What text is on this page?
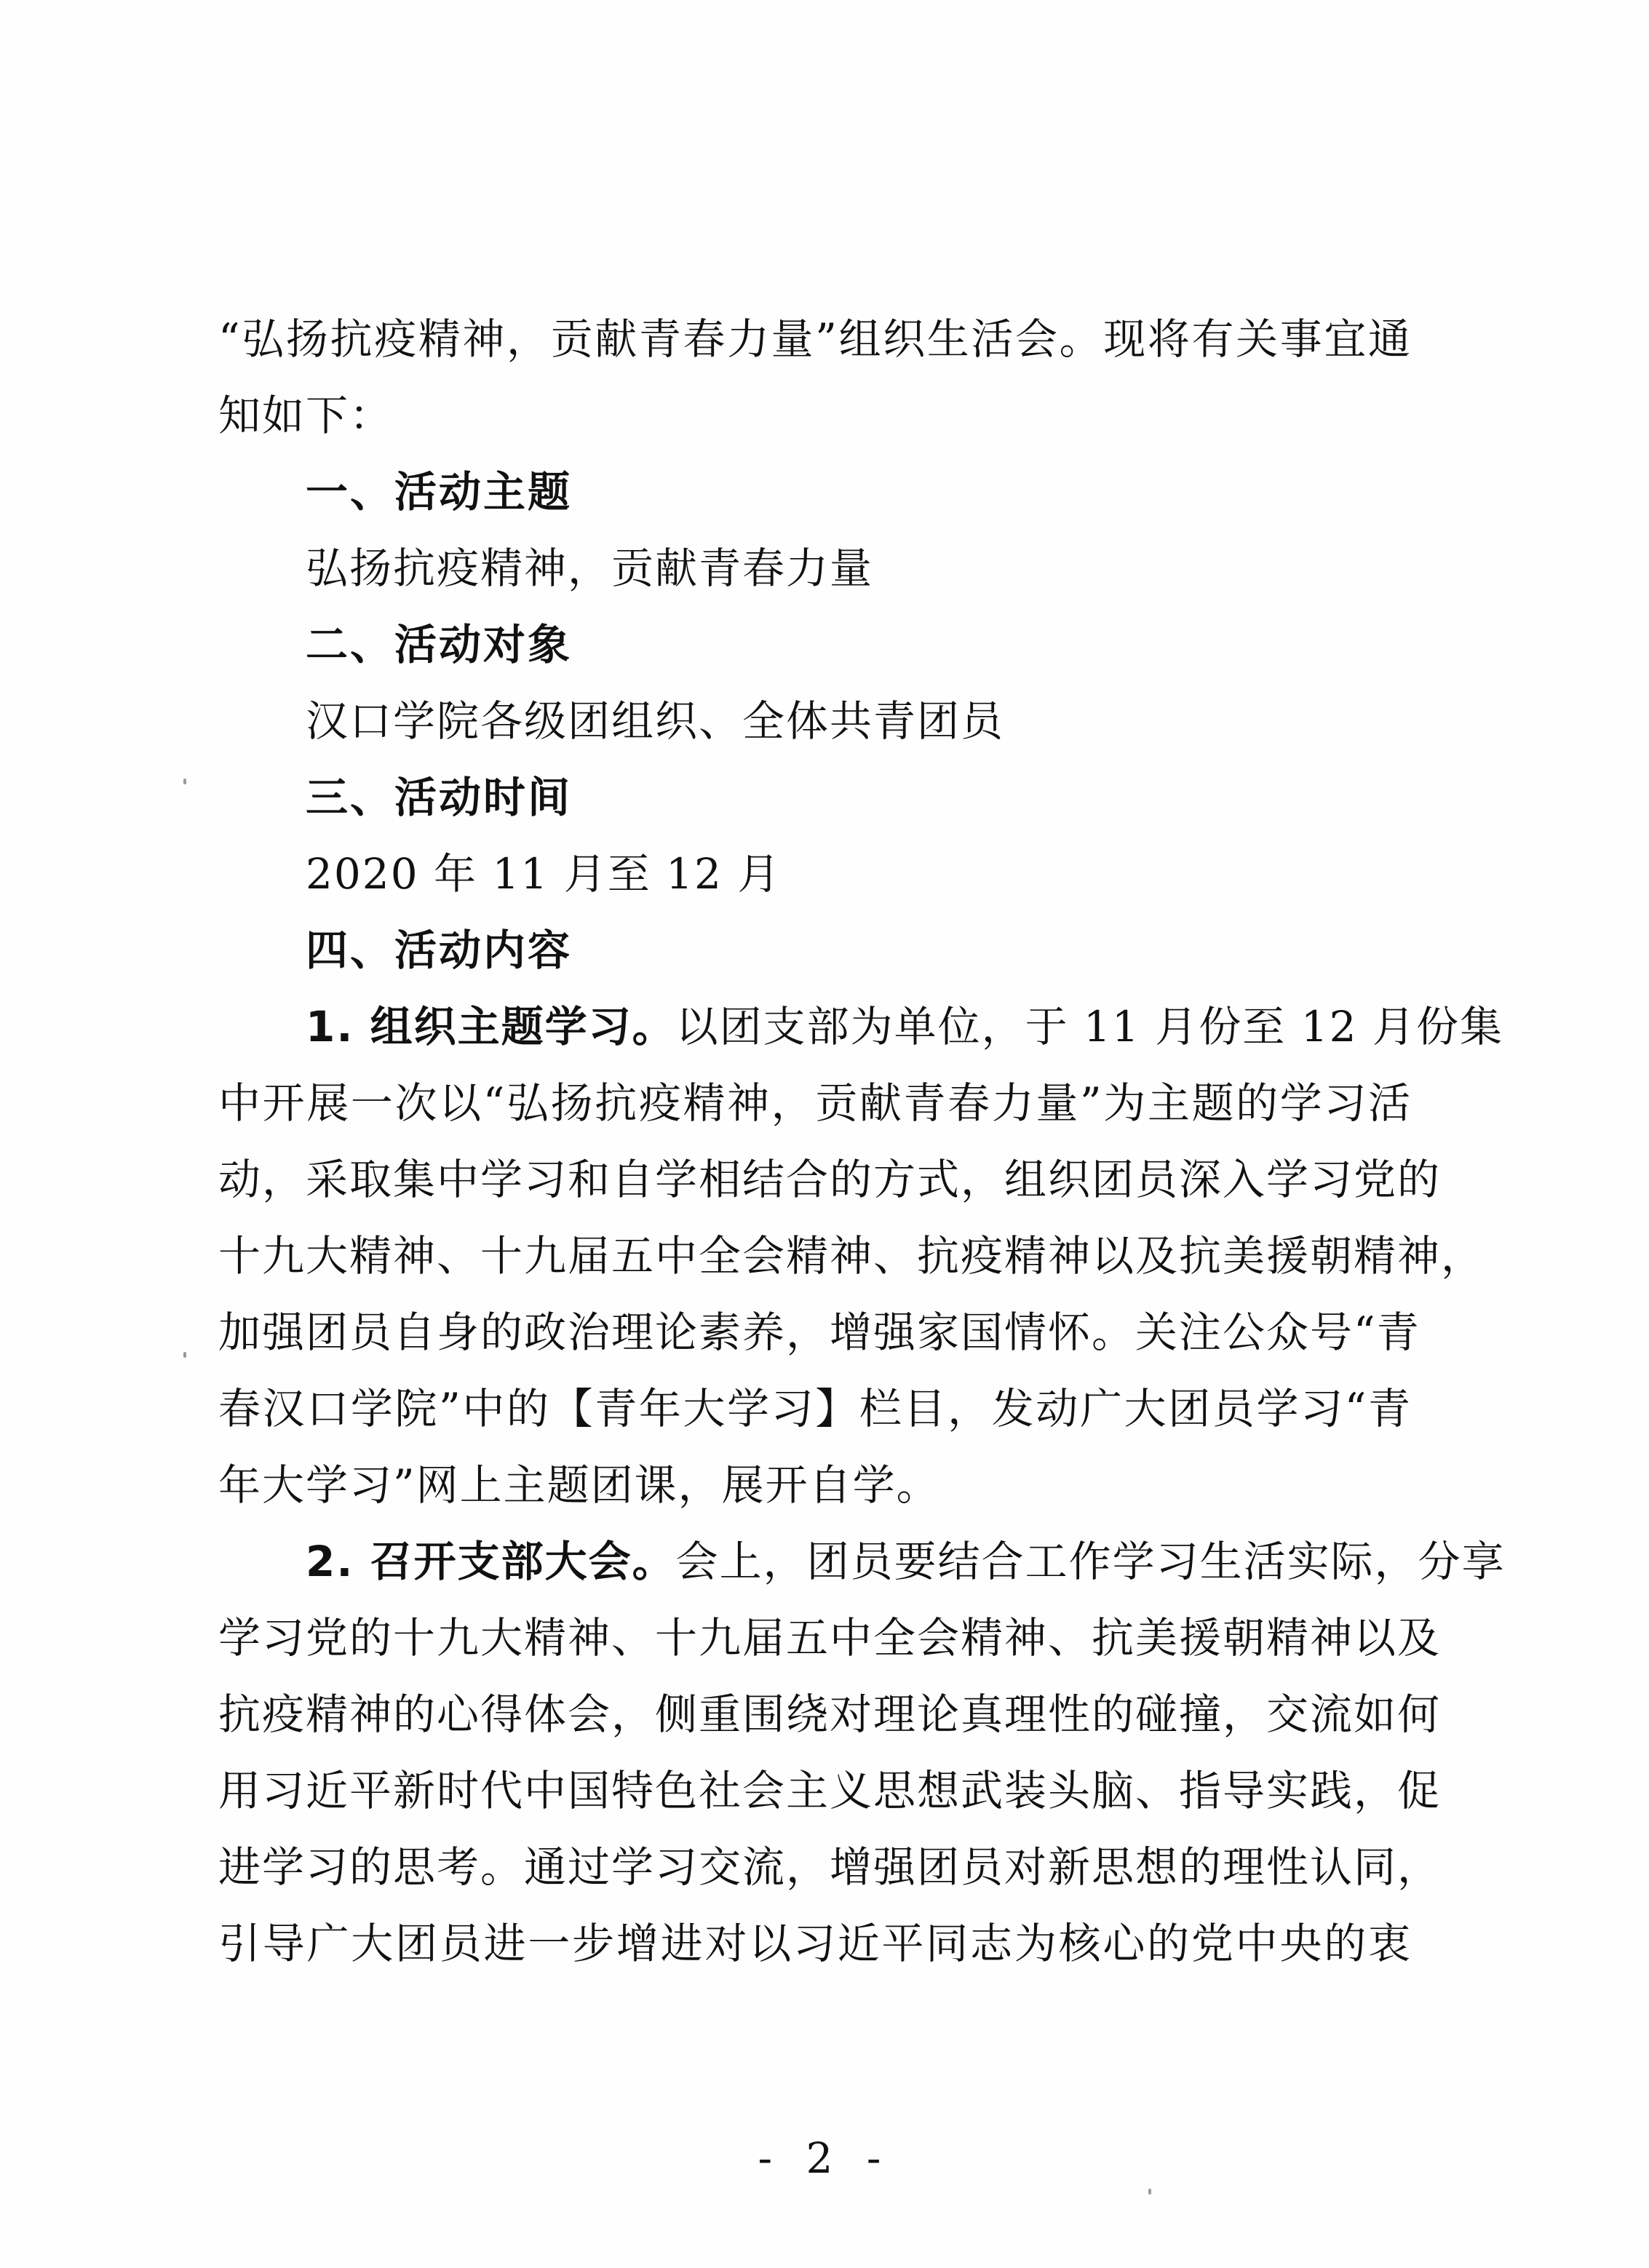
“弘扬抗疫精神，贡献青春力量”组织生活会。现将有关事宜通
知如下：
一、活动主题
弘扬抗疫精神，贡献青春力量
二、活动对象
汉口学院各级团组织、全体共青团员
三、活动时间
2020 年 11 月至 12 月
四、活动内容
1. 组织主题学习。以团支部为单位，于 11 月份至 12 月份集
中开展一次以“弘扬抗疫精神，贡献青春力量”为主题的学习活
动，采取集中学习和自学相结合的方式，组织团员深入学习党的
十九大精神、十九届五中全会精神、抗疫精神以及抗美援朝精神，
加强团员自身的政治理论素养，增强家国情怀。关注公众号“青
春汉口学院”中的【青年大学习】栏目，发动广大团员学习“青
年大学习”网上主题团课，展开自学。
2. 召开支部大会。会上，团员要结合工作学习生活实际，分享
学习党的十九大精神、十九届五中全会精神、抗美援朝精神以及
抗疫精神的心得体会，侧重围绕对理论真理性的碰撞，交流如何
用习近平新时代中国特色社会主义思想武装头脑、指导实践，促
进学习的思考。通过学习交流，增强团员对新思想的理性认同，
引导广大团员进一步增进对以习近平同志为核心的党中央的衷
- 2 -
